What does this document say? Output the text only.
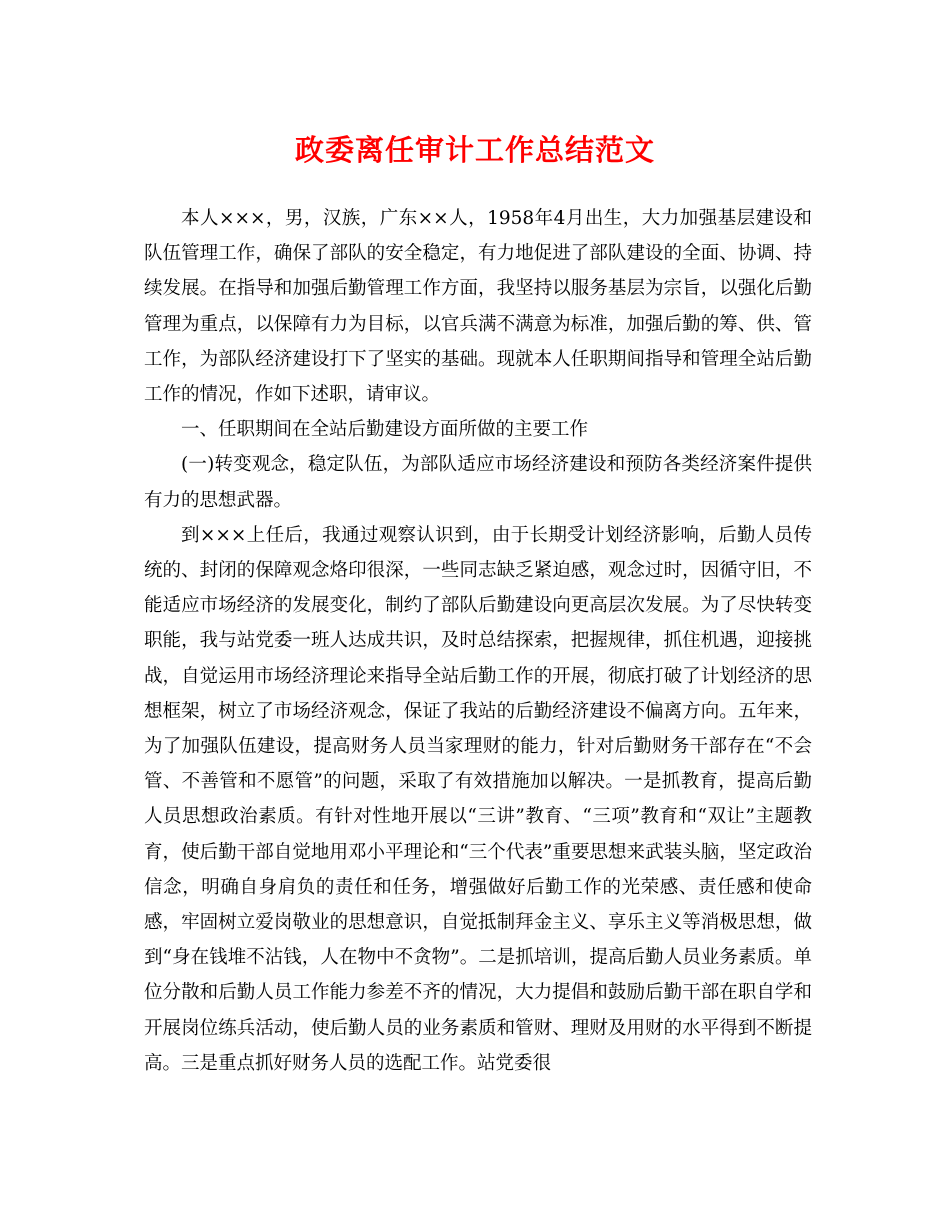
政委离任审计工作总结范文

本人×××，男，汉族，广东××人，1958年4月出生，大力加强基层建设和队伍管理工作，确保了部队的安全稳定，有力地促进了部队建设的全面、协调、持续发展。在指导和加强后勤管理工作方面，我坚持以服务基层为宗旨，以强化后勤管理为重点，以保障有力为目标，以官兵满不满意为标准，加强后勤的筹、供、管工作，为部队经济建设打下了坚实的基础。现就本人任职期间指导和管理全站后勤工作的情况，作如下述职，请审议。

一、任职期间在全站后勤建设方面所做的主要工作

(一)转变观念，稳定队伍，为部队适应市场经济建设和预防各类经济案件提供有力的思想武器。

到×××上任后，我通过观察认识到，由于长期受计划经济影响，后勤人员传统的、封闭的保障观念烙印很深，一些同志缺乏紧迫感，观念过时，因循守旧，不能适应市场经济的发展变化，制约了部队后勤建设向更高层次发展。为了尽快转变职能，我与站党委一班人达成共识，及时总结探索，把握规律，抓住机遇，迎接挑战，自觉运用市场经济理论来指导全站后勤工作的开展，彻底打破了计划经济的思想框架，树立了市场经济观念，保证了我站的后勤经济建设不偏离方向。五年来，为了加强队伍建设，提高财务人员当家理财的能力，针对后勤财务干部存在“不会管、不善管和不愿管”的问题，采取了有效措施加以解决。一是抓教育，提高后勤人员思想政治素质。有针对性地开展以“三讲”教育、“三项”教育和“双让”主题教育，使后勤干部自觉地用邓小平理论和“三个代表”重要思想来武装头脑，坚定政治信念，明确自身肩负的责任和任务，增强做好后勤工作的光荣感、责任感和使命感，牢固树立爱岗敬业的思想意识，自觉抵制拜金主义、享乐主义等消极思想，做到“身在钱堆不沾钱，人在物中不贪物”。二是抓培训，提高后勤人员业务素质。单位分散和后勤人员工作能力参差不齐的情况，大力提倡和鼓励后勤干部在职自学和开展岗位练兵活动，使后勤人员的业务素质和管财、理财及用财的水平得到不断提高。三是重点抓好财务人员的选配工作。站党委很
